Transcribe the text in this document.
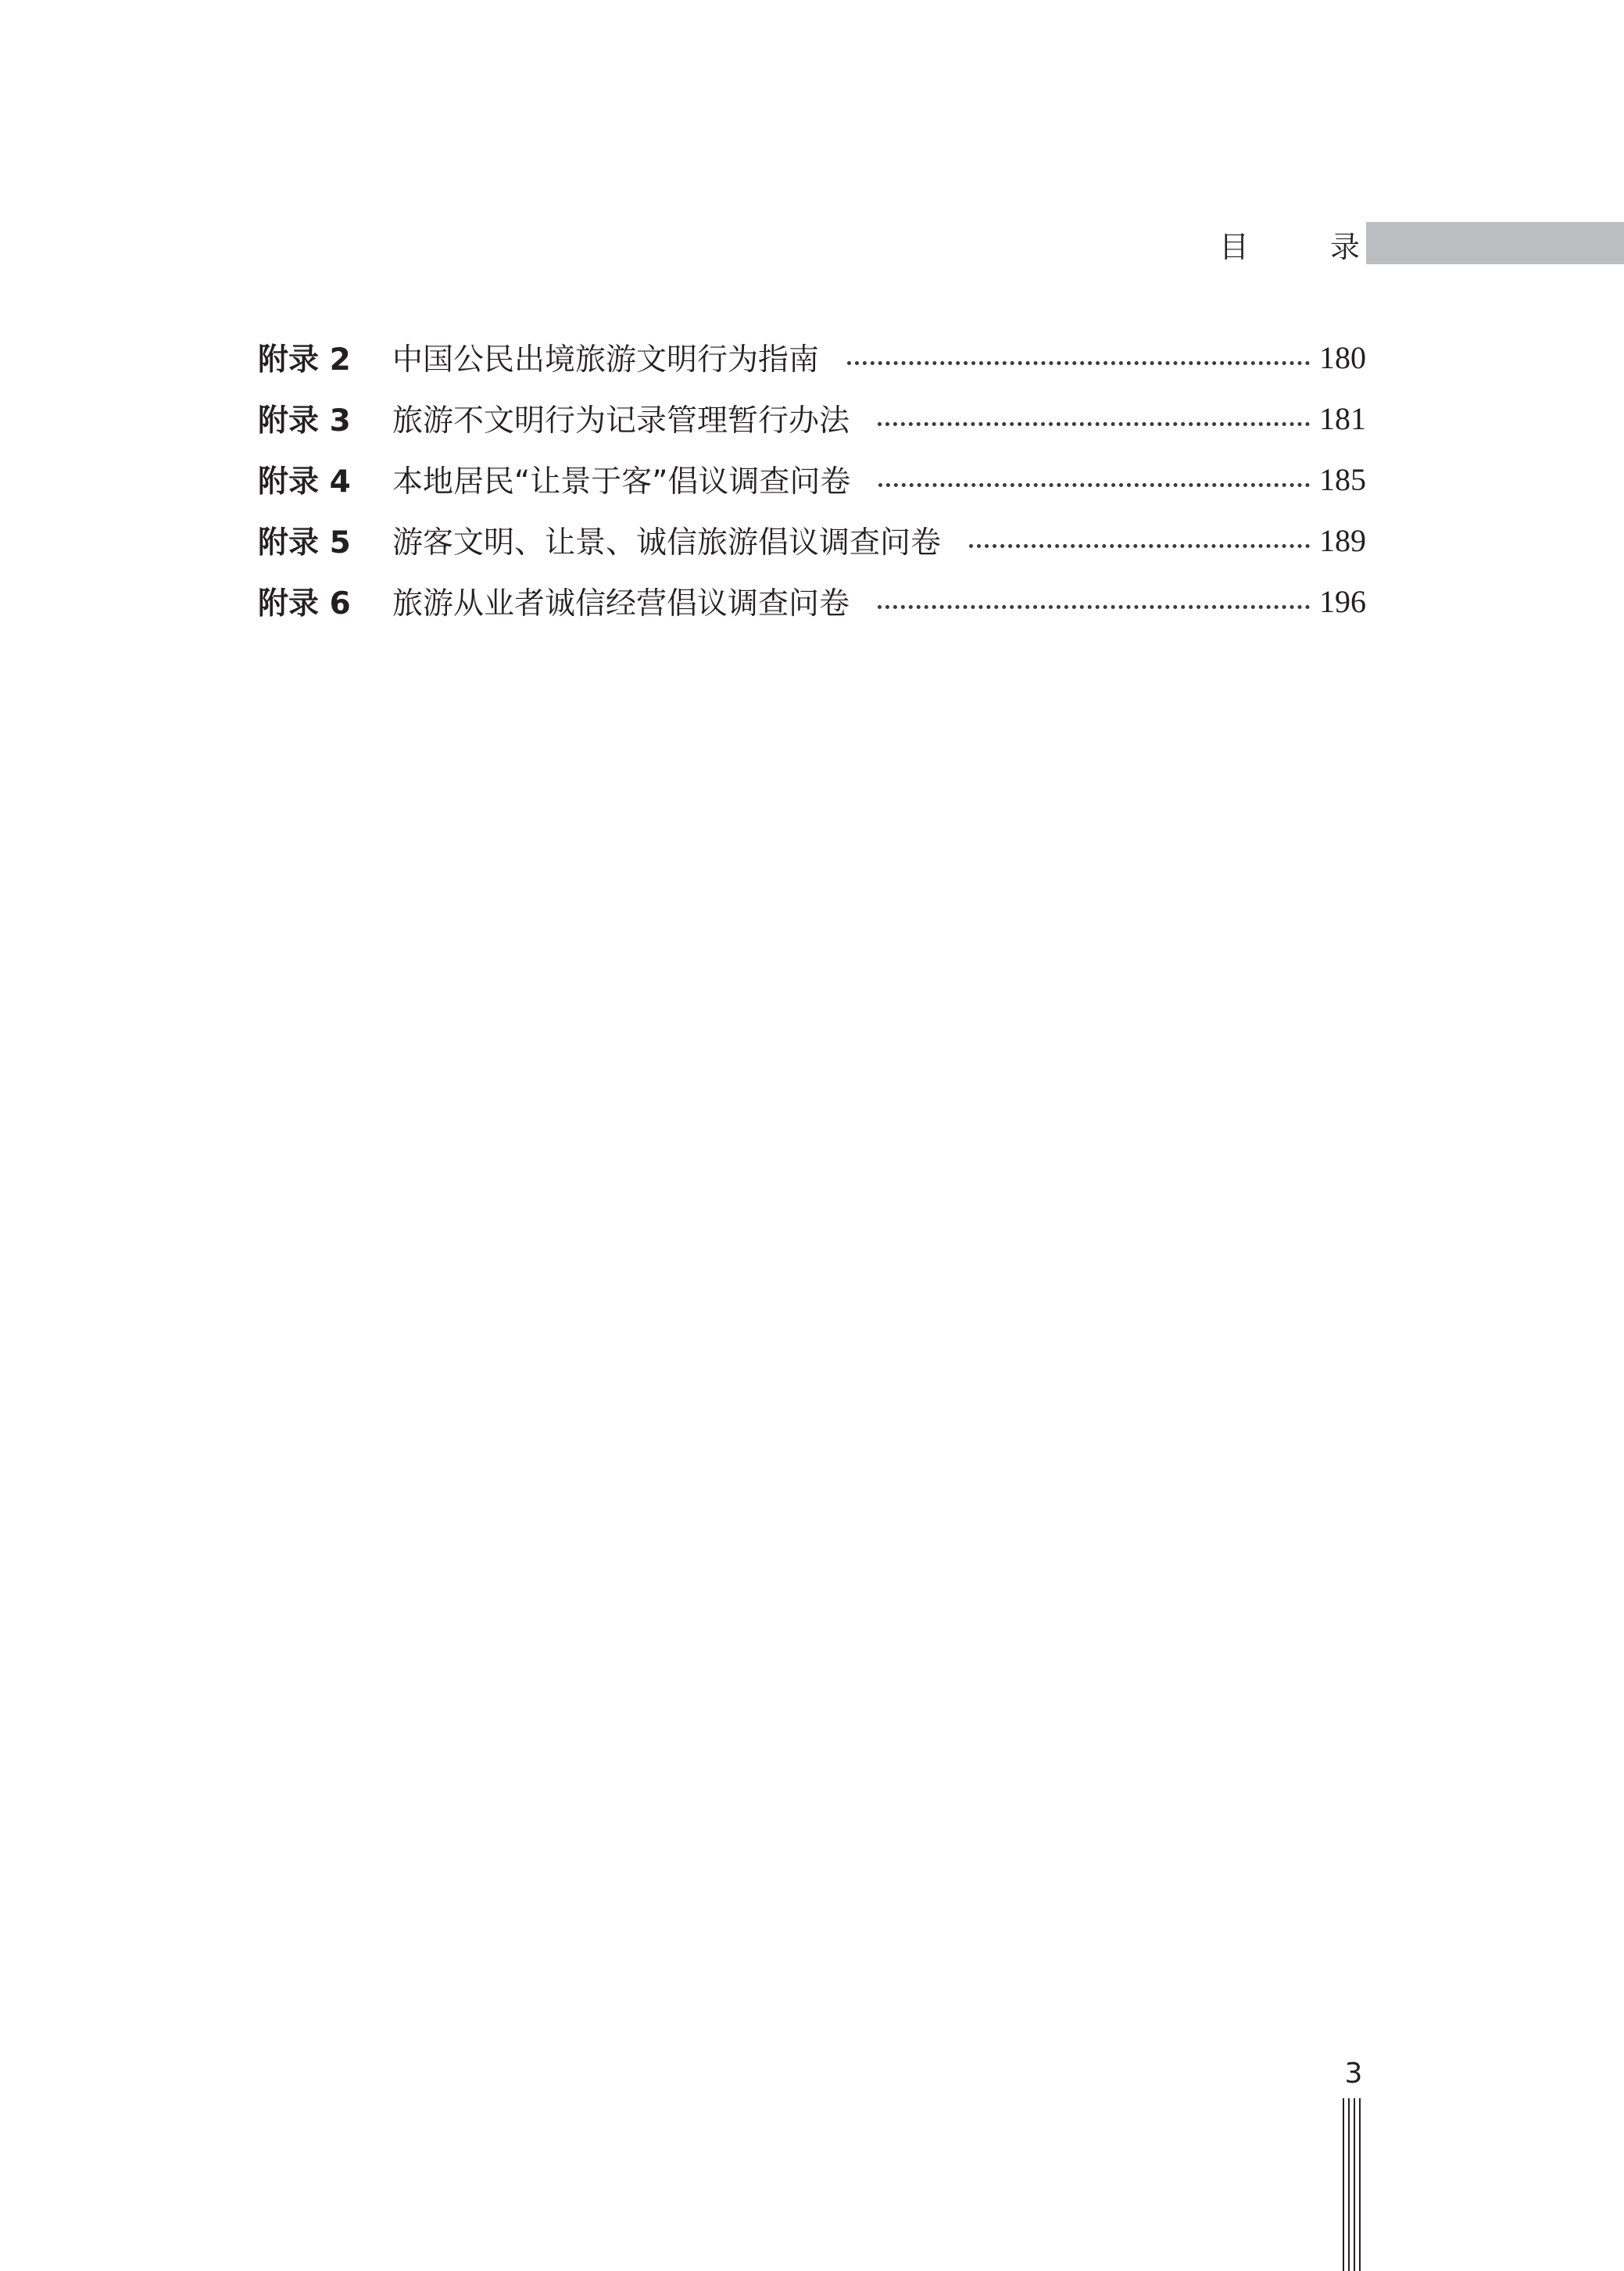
目	录
附录 2	中国公民出境旅游文明行为指南	180
附录 3	旅游不文明行为记录管理暂行办法	181
附录 4	本地居民“让景于客”倡议调查问卷	185
附录 5	游客文明、让景、诚信旅游倡议调查问卷	189
附录 6	旅游从业者诚信经营倡议调查问卷	196
3
